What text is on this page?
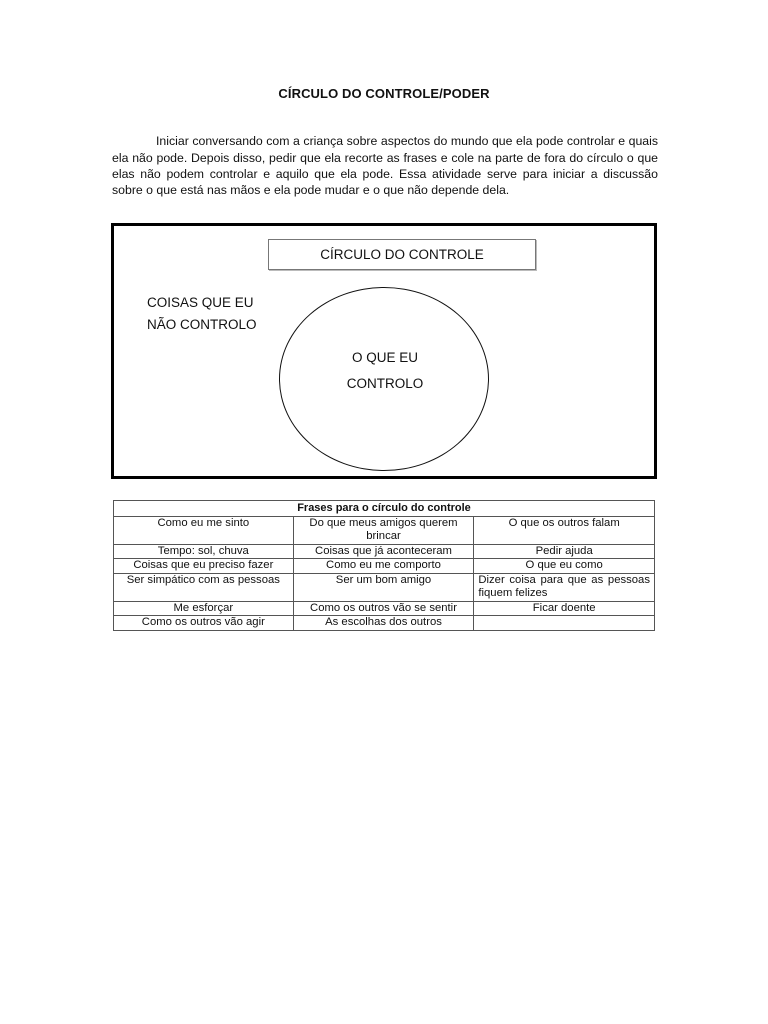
CÍRCULO DO CONTROLE/PODER

Iniciar conversando com a criança sobre aspectos do mundo que ela pode controlar e quais ela não pode. Depois disso, pedir que ela recorte as frases e cole na parte de fora do círculo o que elas não podem controlar e aquilo que ela pode. Essa atividade serve para iniciar a discussão sobre o que está nas mãos e ela pode mudar e o que não depende dela.

CÍRCULO DO CONTROLE
COISAS QUE EU
NÃO CONTROLO
O QUE EU
CONTROLO
Frases para o círculo do controle		
Como eu me sinto	Do que meus amigos querem brincar	O que os outros falam
Tempo: sol, chuva	Coisas que já aconteceram	Pedir ajuda
Coisas que eu preciso fazer	Como eu me comporto	O que eu como
Ser simpático com as pessoas	Ser um bom amigo	Dizer coisa para que as pessoas fiquem felizes
Me esforçar	Como os outros vão se sentir	Ficar doente
Como os outros vão agir	As escolhas dos outros	
